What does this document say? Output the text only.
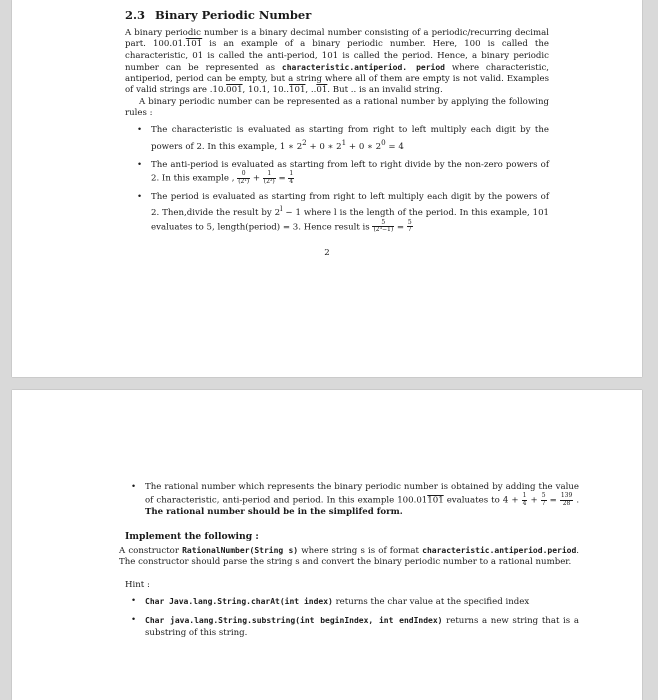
2.3 Binary Periodic Number

A binary periodic number is a binary decimal number consisting of a periodic/recurring decimal part. 100.01.101 is an example of a binary periodic number. Here, 100 is called the characteristic, 01 is called the anti-period, 101 is called the period. Hence, a binary periodic number can be represented as characteristic.antiperiod. period where characteristic, antiperiod, period can be empty, but a string where all of them are empty is not valid. Examples of valid strings are .10.001, 10.1, 10..101, ..01. But .. is an invalid string.

A binary periodic number can be represented as a rational number by applying the following rules :

• The characteristic is evaluated as starting from right to left multiply each digit by the powers of 2. In this example, 1 ∗ $2^2 + 0$ ∗ $2^1 + 0$ ∗ $2^0 = 4$
• The anti-period is evaluated as starting from left to right divide by the non-zero powers of 2. In this example , $\frac{0}{\text{(2¹)}} + \frac{1}{\text{(2²)}} = \frac{1}{4}$
• The period is evaluated as starting from right to left multiply each digit by the powers of 2. Then,divide the result by $2^l - 1$ where l is the length of the period. In this example, 101 evaluates to 5, length(period) = 3. Hence result is $\frac{5}{\text{(2³−1)}} = \frac{5}{7}$
2
• The rational number which represents the binary periodic number is obtained by adding the value of characteristic, anti-period and period. In this example 100.01101 evaluates to $4 + \frac{1}{4} + \frac{5}{7} = \frac{139}{28}$ . The rational number should be in the simplifed form.
Implement the following :

A constructor RationalNumber(String s) where string s is of format characteristic.antiperiod.period. The constructor should parse the string s and convert the binary periodic number to a rational number.

Hint :
• Char Java.lang.String.charAt(int index) returns the char value at the specified index
• Char java.lang.String.substring(int beginIndex, int endIndex) returns a new string that is a substring of this string.
